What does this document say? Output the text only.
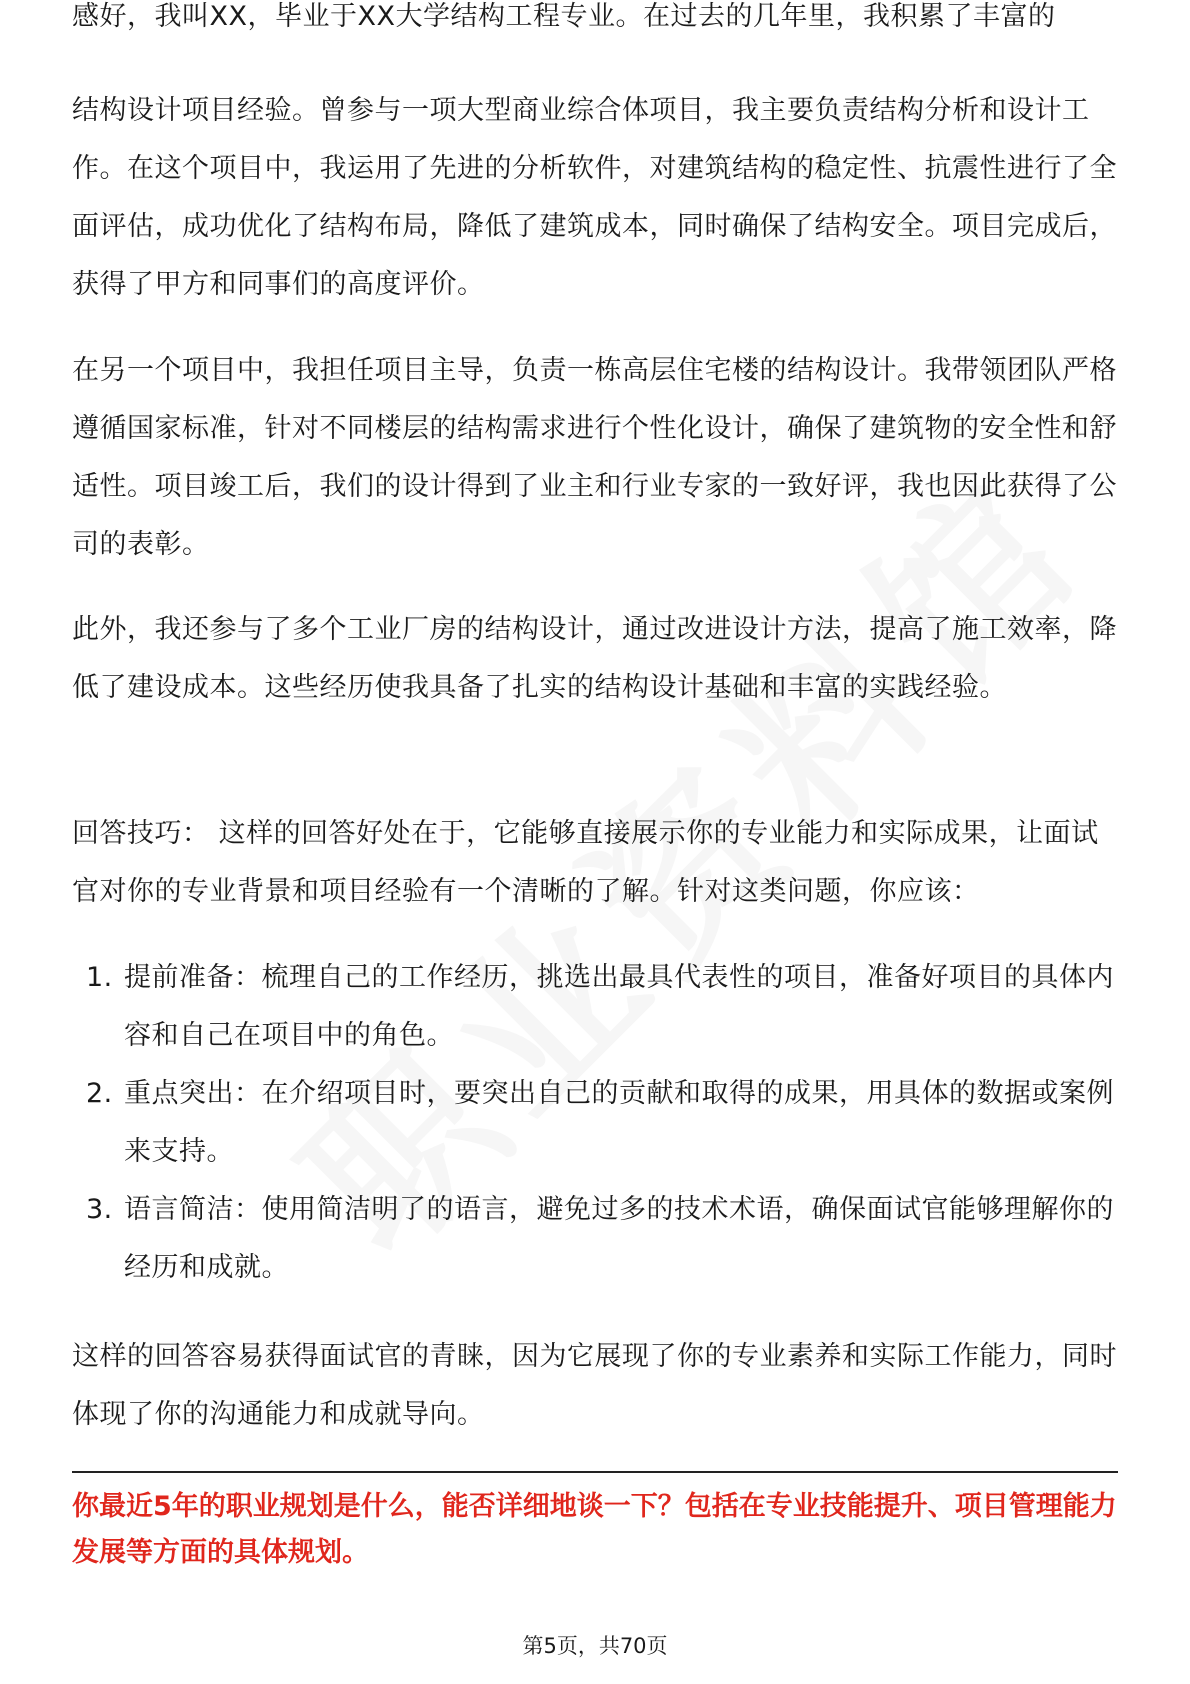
感好，我叫XX，毕业于XX大学结构工程专业。在过去的几年里，我积累了丰富的

结构设计项目经验。曾参与一项大型商业综合体项目，我主要负责结构分析和设计工作。在这个项目中，我运用了先进的分析软件，对建筑结构的稳定性、抗震性进行了全面评估，成功优化了结构布局，降低了建筑成本，同时确保了结构安全。项目完成后，获得了甲方和同事们的高度评价。

在另一个项目中，我担任项目主导，负责一栋高层住宅楼的结构设计。我带领团队严格遵循国家标准，针对不同楼层的结构需求进行个性化设计，确保了建筑物的安全性和舒适性。项目竣工后，我们的设计得到了业主和行业专家的一致好评，我也因此获得了公司的表彰。

此外，我还参与了多个工业厂房的结构设计，通过改进设计方法，提高了施工效率，降低了建设成本。这些经历使我具备了扎实的结构设计基础和丰富的实践经验。

回答技巧： 这样的回答好处在于，它能够直接展示你的专业能力和实际成果，让面试官对你的专业背景和项目经验有一个清晰的了解。针对这类问题，你应该：

1. 提前准备：梳理自己的工作经历，挑选出最具代表性的项目，准备好项目的具体内容和自己在项目中的角色。
2. 重点突出：在介绍项目时，要突出自己的贡献和取得的成果，用具体的数据或案例来支持。
3. 语言简洁：使用简洁明了的语言，避免过多的技术术语，确保面试官能够理解你的经历和成就。

这样的回答容易获得面试官的青睐，因为它展现了你的专业素养和实际工作能力，同时体现了你的沟通能力和成就导向。

你最近5年的职业规划是什么，能否详细地谈一下？包括在专业技能提升、项目管理能力发展等方面的具体规划。

第5页，共70页
